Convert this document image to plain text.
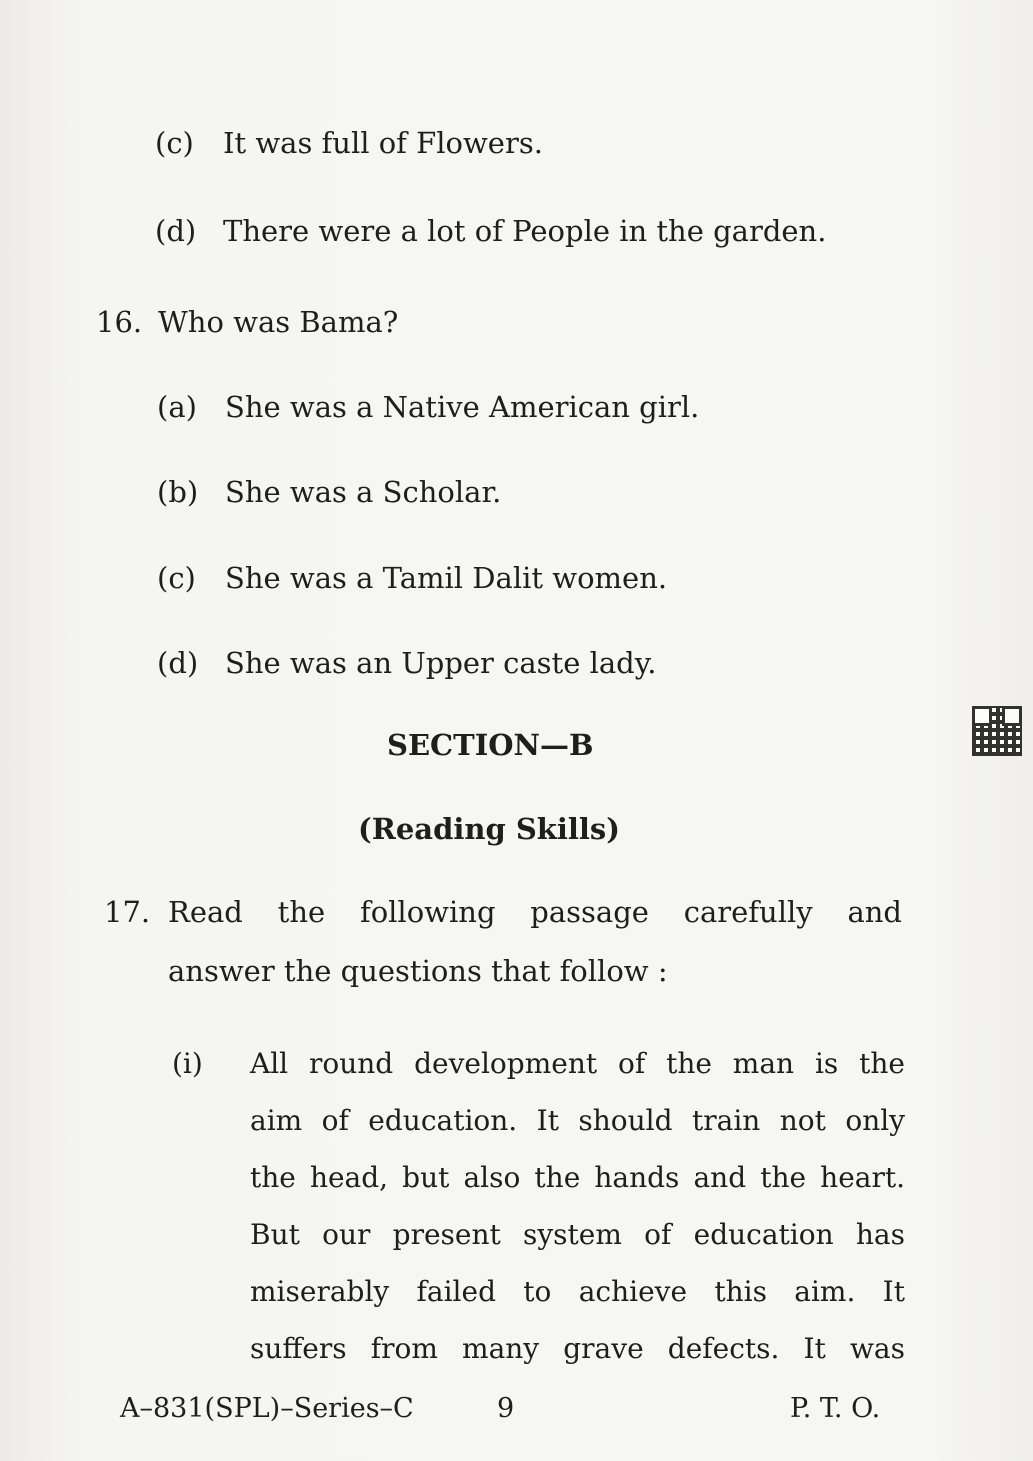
(c) It was full of Flowers.
(d) There were a lot of People in the garden.
16. Who was Bama?
(a) She was a Native American girl.
(b) She was a Scholar.
(c) She was a Tamil Dalit women.
(d) She was an Upper caste lady.
SECTION—B
(Reading Skills)
17. Read the following passage carefully and
answer the questions that follow :
(i) All round development of the man is the
aim of education. It should train not only
the head, but also the hands and the heart.
But our present system of education has
miserably failed to achieve this aim. It
suffers from many grave defects. It was
A–831(SPL)–Series–C	9	P. T. O.
